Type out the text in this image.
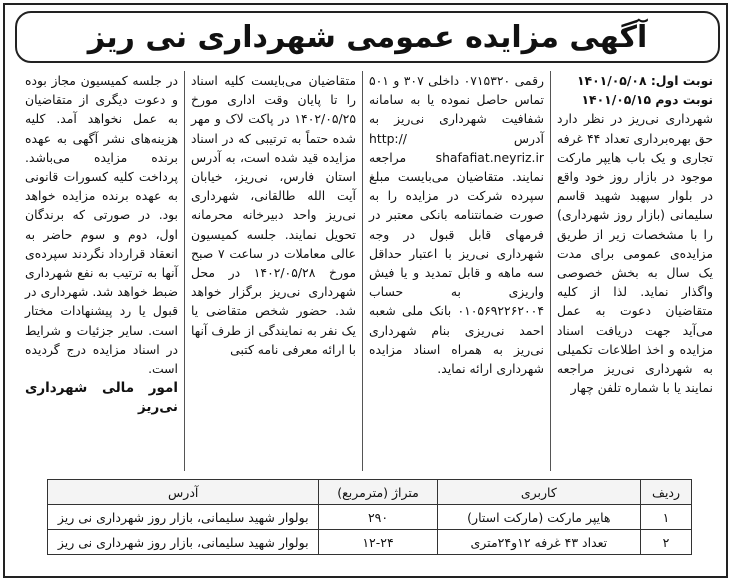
آگهی مزایده عمومی شهرداری نی ریز
نوبت اول: ۱۴۰۱/۰۵/۰۸
نوبت دوم ۱۴۰۱/۰۵/۱۵

شهرداری نی‌ریز در نظر دارد حق بهره‌برداری تعداد ۴۴ غرفه تجاری و یک باب هایپر مارکت موجود در بازار روز خود واقع در بلوار سپهبد شهید قاسم سلیمانی (بازار روز شهرداری) را با مشخصات زیر از طریق مزایده‌ی عمومی برای مدت یک سال به بخش خصوصی واگذار نماید. لذا از کلیه متقاضیان دعوت به عمل می‌آید جهت دریافت اسناد مزایده و اخذ اطلاعات تکمیلی به شهرداری نی‌ریز مراجعه نمایند یا با شماره تلفن چهار

رقمی ۰۷۱۵۳۲۰ داخلی ۳۰۷ و ۵۰۱ تماس حاصل نموده یا به سامانه شفافیت شهرداری نی‌ریز به آدرس http:// shafafiat.neyriz.ir مراجعه نمایند. متقاضیان می‌بایست مبلغ سپرده شرکت در مزایده را به صورت ضمانتنامه بانکی معتبر در فرمهای قابل قبول در وجه شهرداری نی‌ریز با اعتبار حداقل سه ماهه و قابل تمدید و یا فیش واریزی به حساب ۰۱۰۵۶۹۲۲۶۲۰۰۴ بانک ملی شعبه احمد نی‌ریزی بنام شهرداری نی‌ریز به همراه اسناد مزایده شهرداری ارائه نماید.

متقاضیان می‌بایست کلیه اسناد را تا پایان وقت اداری مورخ ۱۴۰۲/۰۵/۲۵ در پاکت لاک و مهر شده حتماً به ترتیبی که در اسناد مزایده قید شده است، به آدرس استان فارس، نی‌ریز، خیابان آیت الله طالقانی، شهرداری نی‌ریز واحد دبیرخانه محرمانه تحویل نمایند. جلسه کمیسیون عالی معاملات در ساعت ۷ صبح مورخ ۱۴۰۲/۰۵/۲۸ در محل شهرداری نی‌ریز برگزار خواهد شد. حضور شخص متقاضی یا یک نفر به نمایندگی از طرف آنها با ارائه معرفی نامه کتبی

در جلسه کمیسیون مجاز بوده و دعوت دیگری از متقاضیان به عمل نخواهد آمد. کلیه هزینه‌های نشر آگهی به عهده برنده مزایده می‌باشد. پرداخت کلیه کسورات قانونی به عهده برنده مزایده خواهد بود. در صورتی که برندگان اول، دوم و سوم حاضر به انعقاد قرارداد نگردند سپرده‌ی آنها به ترتیب به نفع شهرداری ضبط خواهد شد. شهرداری در قبول یا رد پیشنهادات مختار است. سایر جزئیات و شرایط در اسناد مزایده درج گردیده است.

امور مالی شهرداری نی‌ریز
ردیف	کاربری	متراژ (مترمربع)	آدرس
۱	هایپر مارکت (مارکت استار)	۲۹۰	بولوار شهید سلیمانی، بازار روز شهرداری نی ریز
۲	تعداد ۴۳ غرفه ۱۲و۲۴متری	۱۲-۲۴	بولوار شهید سلیمانی، بازار روز شهرداری نی ریز
